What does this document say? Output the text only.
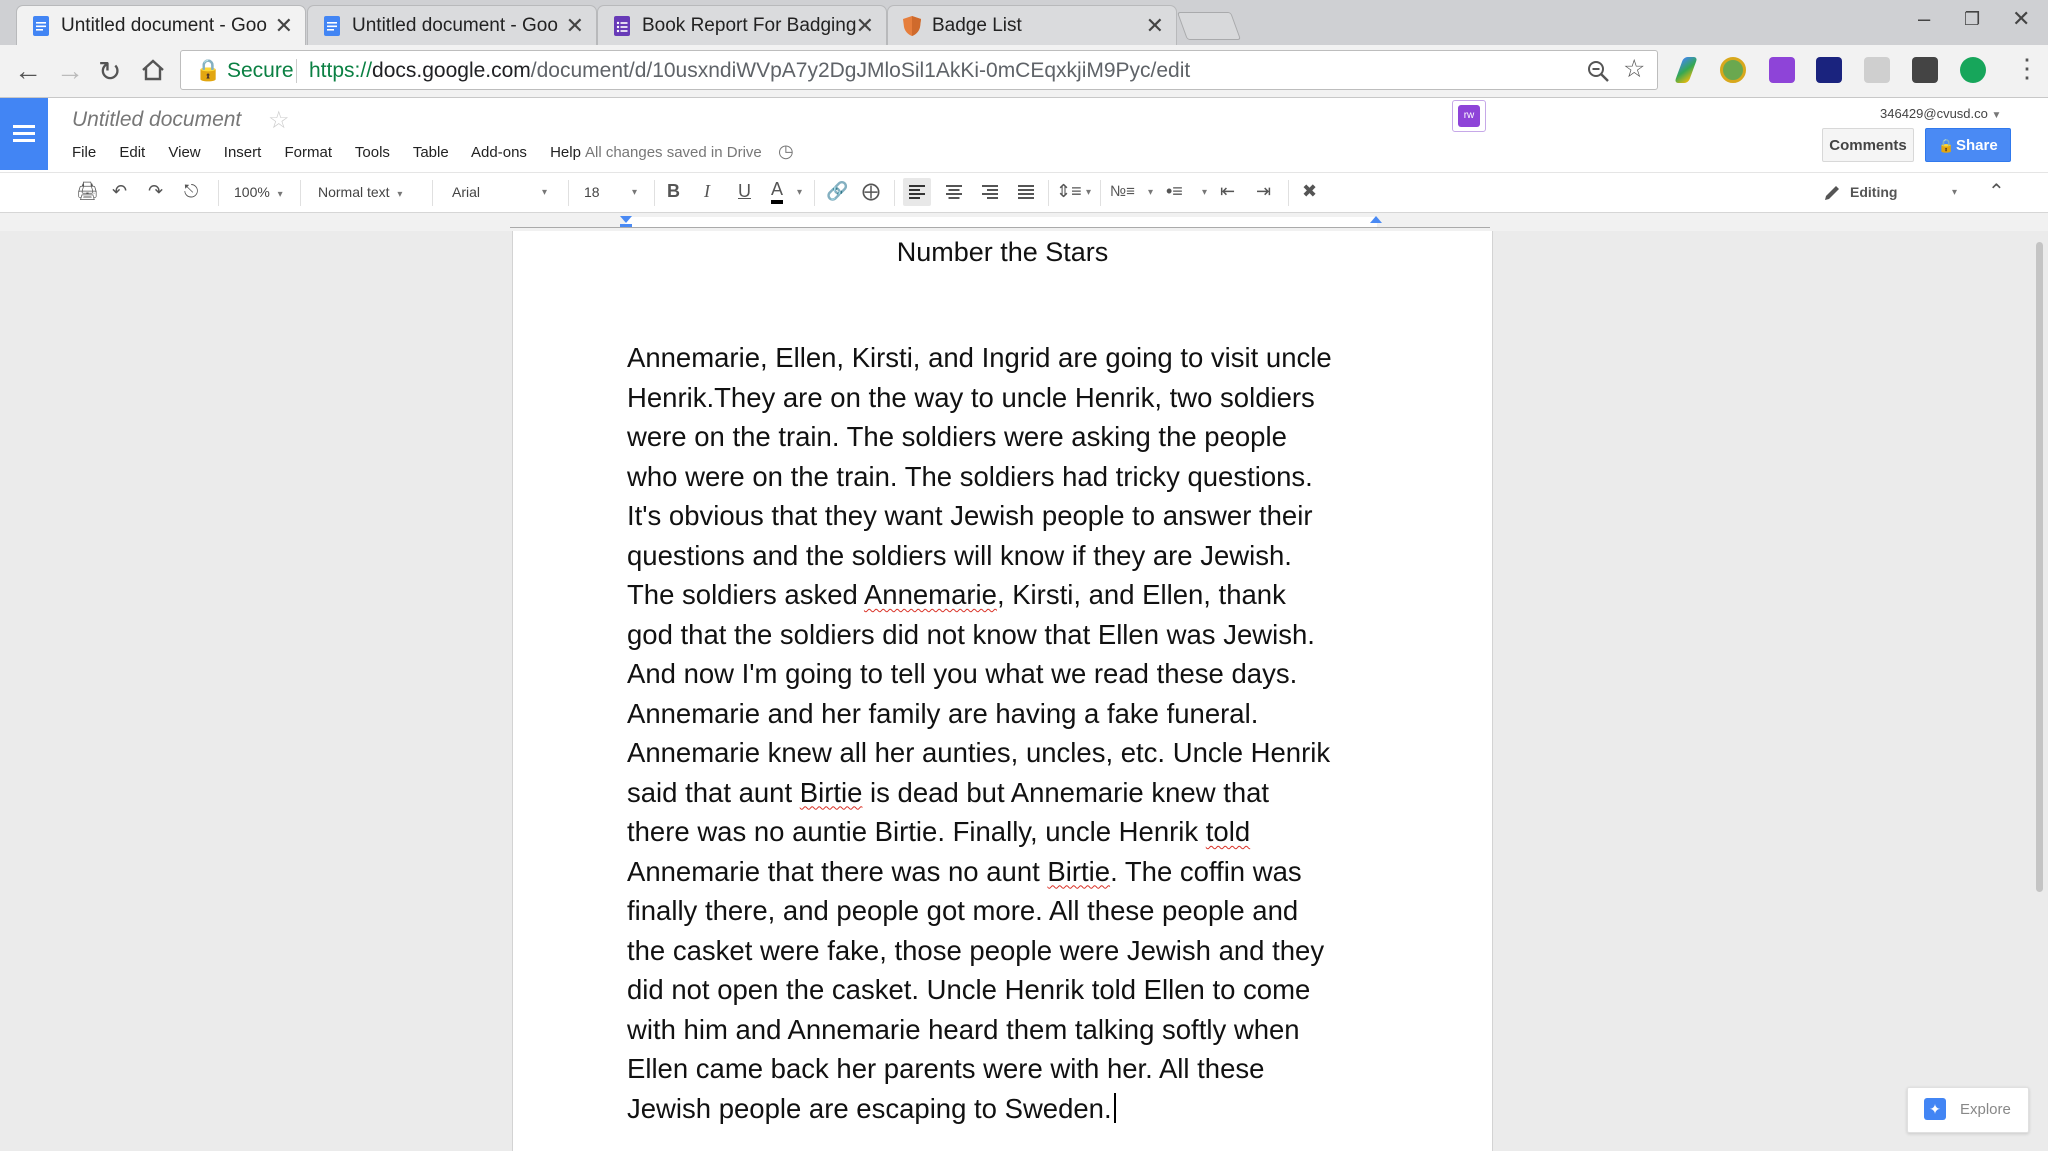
Untitled document - Goo ✕	Untitled document - Goo ✕	Book Report For Badging ✕	Badge List	✕	– ❐ ✕
← → ↻	🔒 Secure https://docs.google.com/document/d/10usxndiWVpA7y2DgJMloSil1AkKi-0mCEqxkjiM9Pyc/edit	☆	⋮
Untitled document ☆
File Edit View Insert Format Tools Table Add-ons Help All changes saved in Drive ◷
rw	346429@cvusd.co ▼
Comments	🔒 Share
🖨 ↶ ↷ ⎋	100% ▾	Normal text ▾	Arial	▾	18	▾ B I U A ▾ 🔗 ⨁	⇕≡ ▾ №≡ ▾ •≡ ▾ ⇤ ⇥ ✖	Editing	▾ ⌃
Number the Stars
Annemarie, Ellen, Kirsti, and Ingrid are going to visit uncle
Henrik.They are on the way to uncle Henrik, two soldiers
were on the train. The soldiers were asking the people
who were on the train. The soldiers had tricky questions.
It's obvious that they want Jewish people to answer their
questions and the soldiers will know if they are Jewish.
The soldiers asked Annemarie, Kirsti, and Ellen, thank
god that the soldiers did not know that Ellen was Jewish.
And now I'm going to tell you what we read these days.
Annemarie and her family are having a fake funeral.
Annemarie knew all her aunties, uncles, etc. Uncle Henrik
said that aunt Birtie is dead but Annemarie knew that
there was no auntie Birtie. Finally, uncle Henrik told
Annemarie that there was no aunt Birtie. The coffin was
finally there, and people got more. All these people and
the casket were fake, those people were Jewish and they
did not open the casket. Uncle Henrik told Ellen to come
with him and Annemarie heard them talking softly when
Ellen came back her parents were with her. All these
Jewish people are escaping to Sweden.	✦	Explore
